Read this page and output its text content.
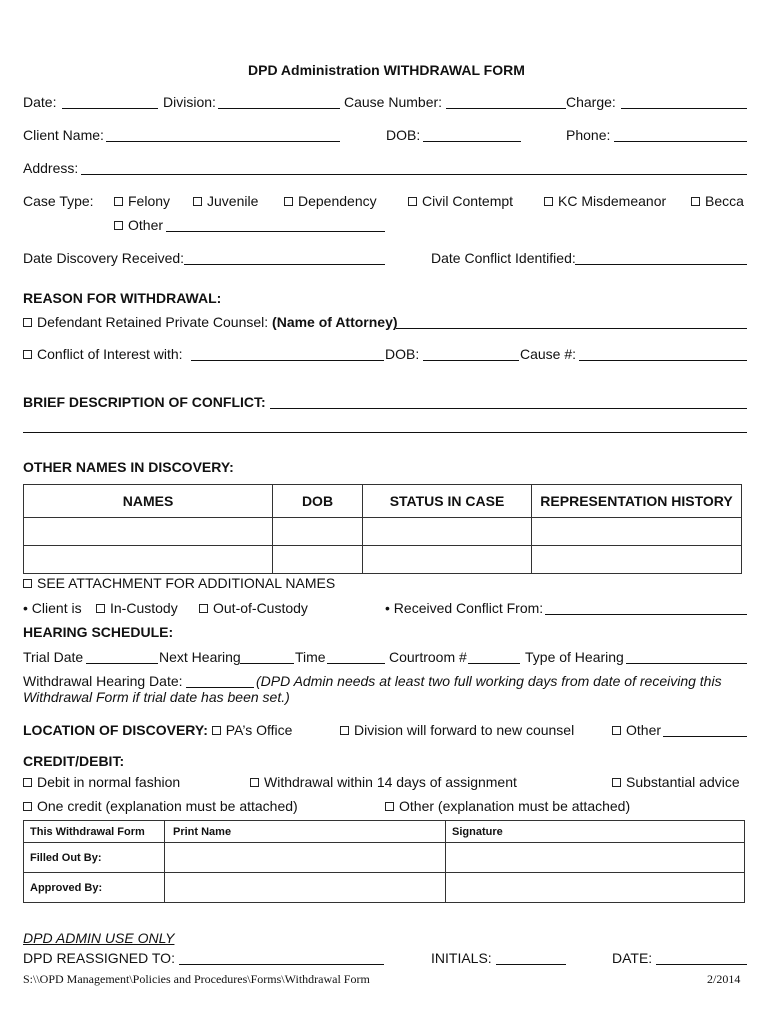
DPD Administration WITHDRAWAL FORM
Date:	Division:	Cause Number:	Charge:
Client Name:	DOB:	Phone:
Address:
Case Type:	Felony	Juvenile	Dependency	Civil Contempt	KC Misdemeanor	Becca
Other
Date Discovery Received:	Date Conflict Identified:
REASON FOR WITHDRAWAL:
Defendant Retained Private Counsel: (Name of Attorney)
Conflict of Interest with:	DOB:	Cause #:
BRIEF DESCRIPTION OF CONFLICT:
OTHER NAMES IN DISCOVERY:
NAMES	DOB	STATUS IN CASE	REPRESENTATION HISTORY

SEE ATTACHMENT FOR ADDITIONAL NAMES
• Client is	In-Custody	Out-of-Custody	• Received Conflict From:
HEARING SCHEDULE:
Trial Date	Next Hearing	Time	Courtroom #	Type of Hearing
Withdrawal Hearing Date:	(DPD Admin needs at least two full working days from date of receiving this
Withdrawal Form if trial date has been set.)
LOCATION OF DISCOVERY: PA’s Office	Division will forward to new counsel	Other
CREDIT/DEBIT:
Debit in normal fashion	Withdrawal within 14 days of assignment	Substantial advice
One credit (explanation must be attached)	Other (explanation must be attached)
This Withdrawal Form	Print Name	Signature
Filled Out By:		
Approved By:		
DPD ADMIN USE ONLY
DPD REASSIGNED TO:	INITIALS:	DATE:
S:\\OPD Management\Policies and Procedures\Forms\Withdrawal Form	2/2014
